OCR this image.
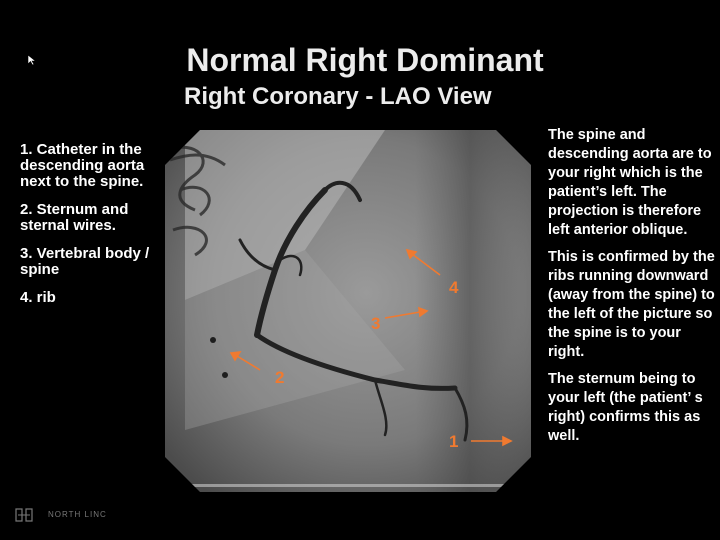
Normal Right Dominant
Right Coronary - LAO View

1. Catheter in the descending aorta next to the spine.

2. Sternum and sternal wires.

3. Vertebral body / spine

4. rib

1
2
3
4

The spine and descending aorta are to your right which is the patient’s left. The projection is therefore left anterior oblique.

This is confirmed by the ribs running downward (away from the spine) to the left of the picture so the spine is to your right.

The sternum being to your left (the patient’ s right) confirms this as well.

NORTH LINC
